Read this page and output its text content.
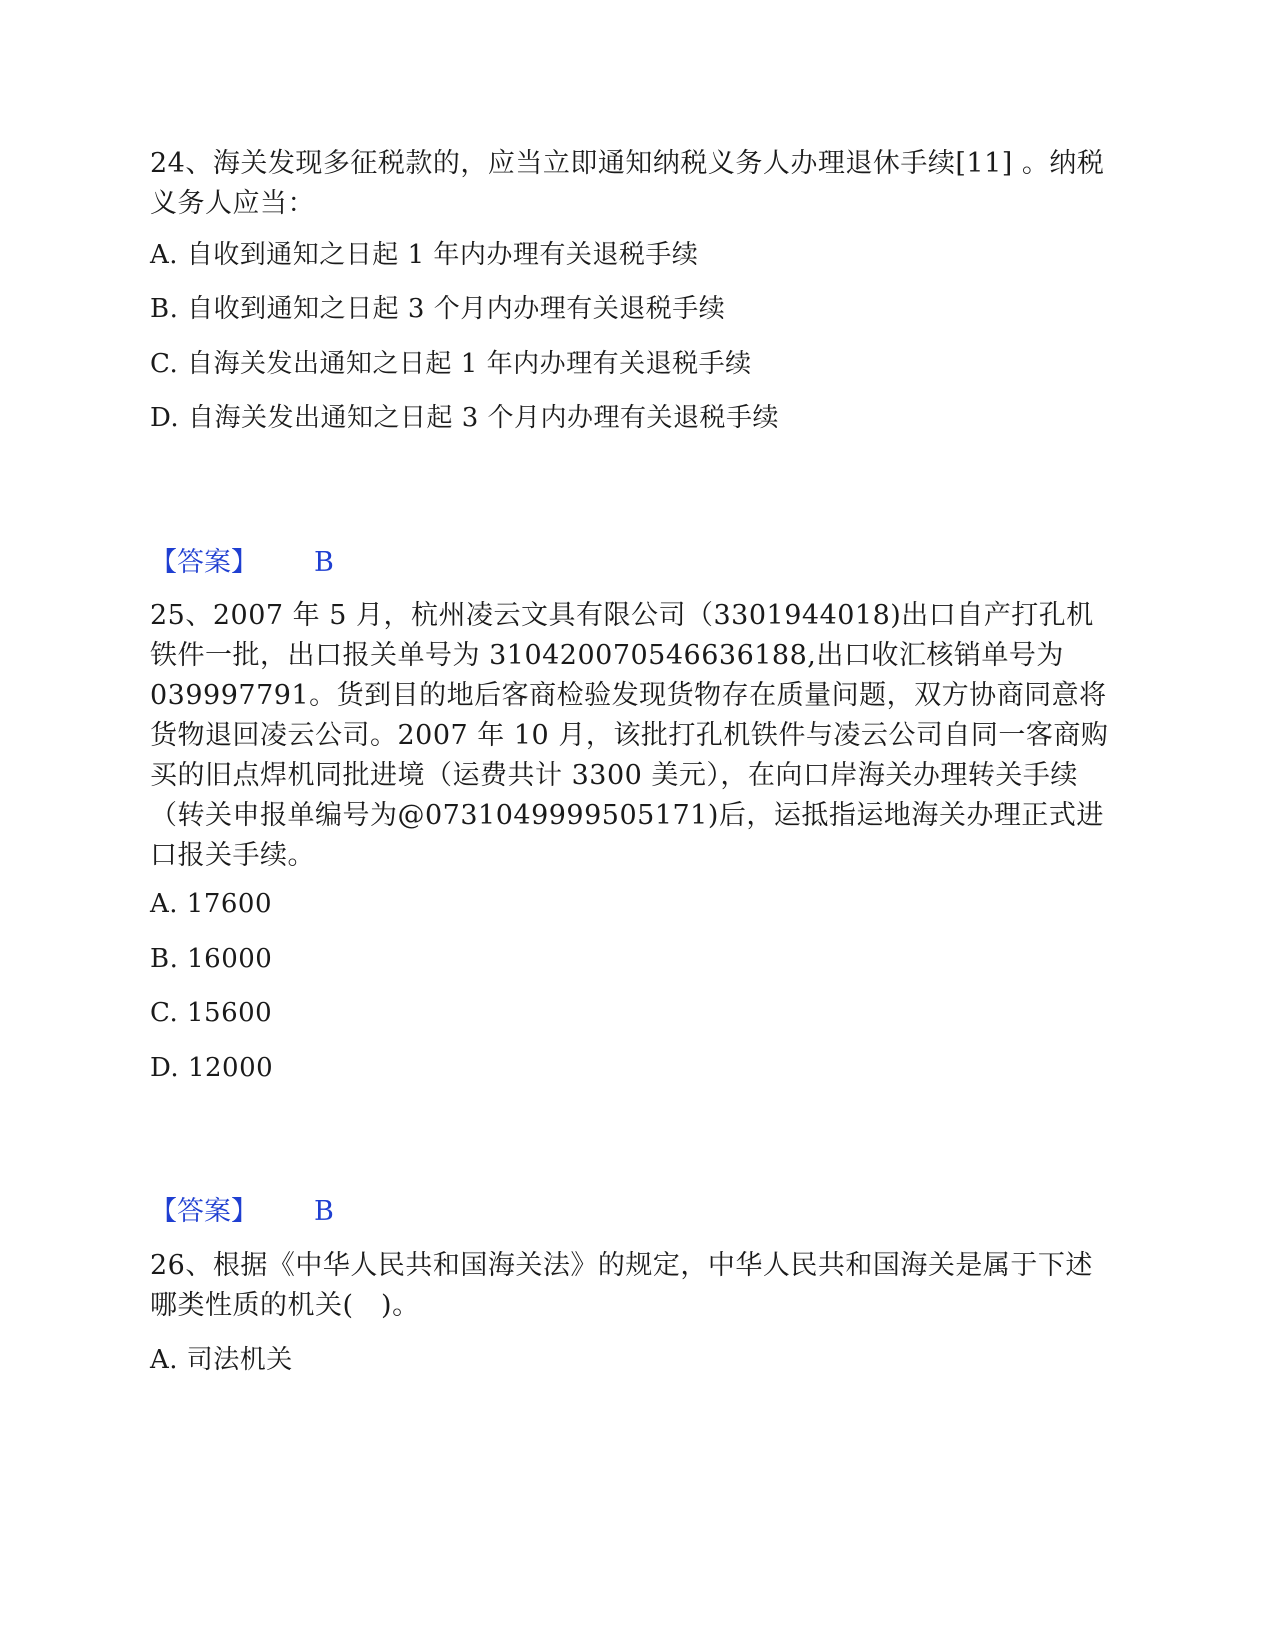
24、海关发现多征税款的，应当立即通知纳税义务人办理退休手续[11] 。纳税义务人应当：

A. 自收到通知之日起 1 年内办理有关退税手续

B. 自收到通知之日起 3 个月内办理有关退税手续

C. 自海关发出通知之日起 1 年内办理有关退税手续

D. 自海关发出通知之日起 3 个月内办理有关退税手续

【答案】 B

25、2007 年 5 月，杭州凌云文具有限公司（3301944018)出口自产打孔机铁件一批，出口报关单号为 310420070546636188,出口收汇核销单号为 039997791。货到目的地后客商检验发现货物存在质量问题，双方协商同意将货物退回凌云公司。2007 年 10 月，该批打孔机铁件与凌云公司自同一客商购买的旧点焊机同批进境（运费共计 3300 美元），在向口岸海关办理转关手续（转关申报单编号为@0731049999505171)后，运抵指运地海关办理正式进口报关手续。

A. 17600

B. 16000

C. 15600

D. 12000

【答案】 B

26、根据《中华人民共和国海关法》的规定，中华人民共和国海关是属于下述哪类性质的机关(　)。

A. 司法机关
